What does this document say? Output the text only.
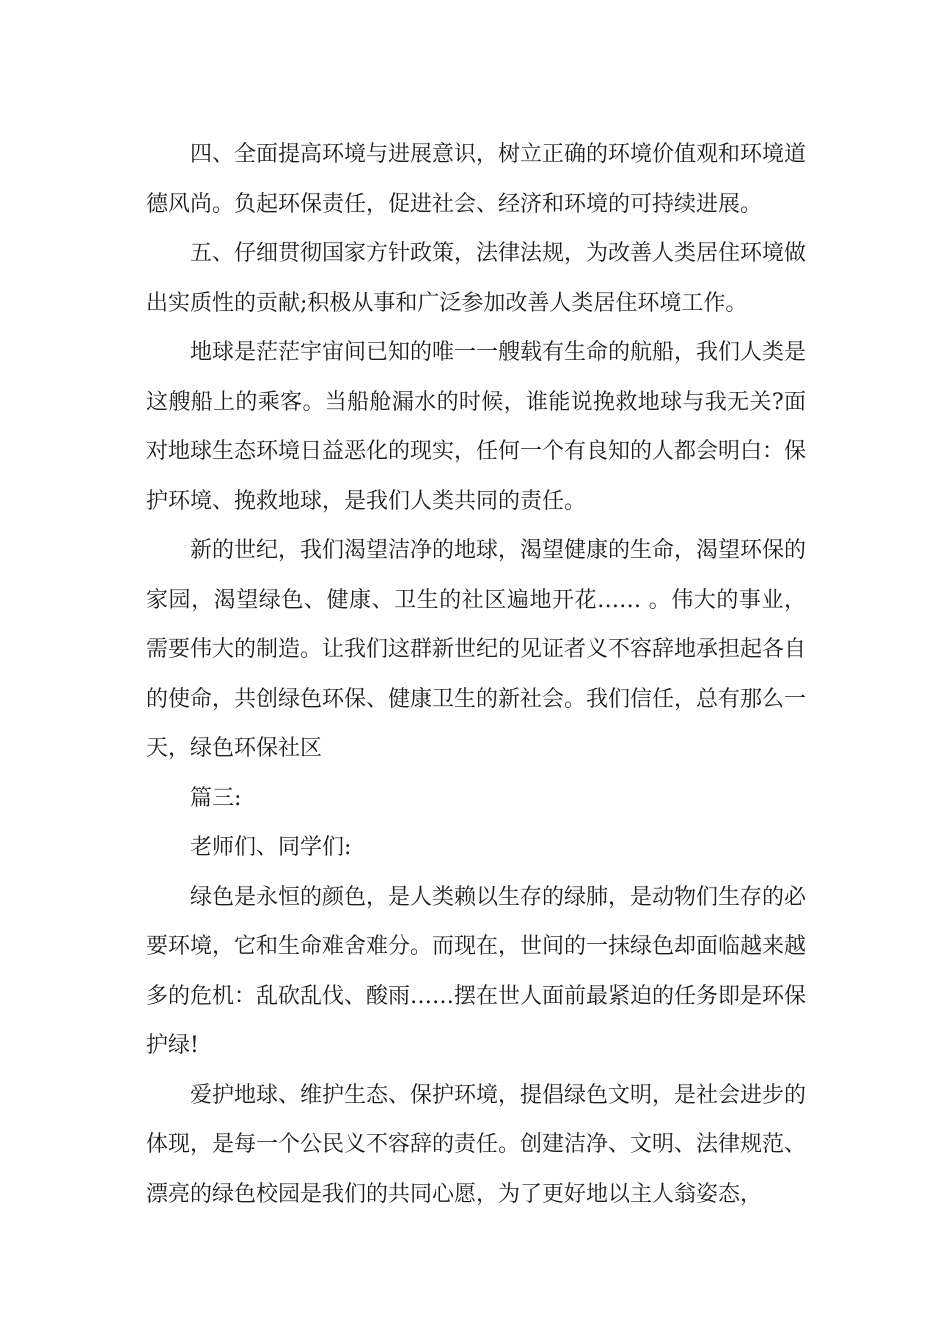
四、全面提高环境与进展意识，树立正确的环境价值观和环境道德风尚。负起环保责任，促进社会、经济和环境的可持续进展。

五、仔细贯彻国家方针政策，法律法规，为改善人类居住环境做出实质性的贡献;积极从事和广泛参加改善人类居住环境工作。

地球是茫茫宇宙间已知的唯一一艘载有生命的航船，我们人类是这艘船上的乘客。当船舱漏水的时候，谁能说挽救地球与我无关?面对地球生态环境日益恶化的现实，任何一个有良知的人都会明白：保护环境、挽救地球，是我们人类共同的责任。

新的世纪，我们渴望洁净的地球，渴望健康的生命，渴望环保的家园，渴望绿色、健康、卫生的社区遍地开花…… 。伟大的事业，需要伟大的制造。让我们这群新世纪的见证者义不容辞地承担起各自的使命，共创绿色环保、健康卫生的新社会。我们信任，总有那么一天，绿色环保社区

篇三:

老师们、同学们:

绿色是永恒的颜色，是人类赖以生存的绿肺，是动物们生存的必要环境，它和生命难舍难分。而现在，世间的一抹绿色却面临越来越多的危机：乱砍乱伐、酸雨……摆在世人面前最紧迫的任务即是环保护绿!

爱护地球、维护生态、保护环境，提倡绿色文明，是社会进步的体现，是每一个公民义不容辞的责任。创建洁净、文明、法律规范、漂亮的绿色校园是我们的共同心愿，为了更好地以主人翁姿态，
